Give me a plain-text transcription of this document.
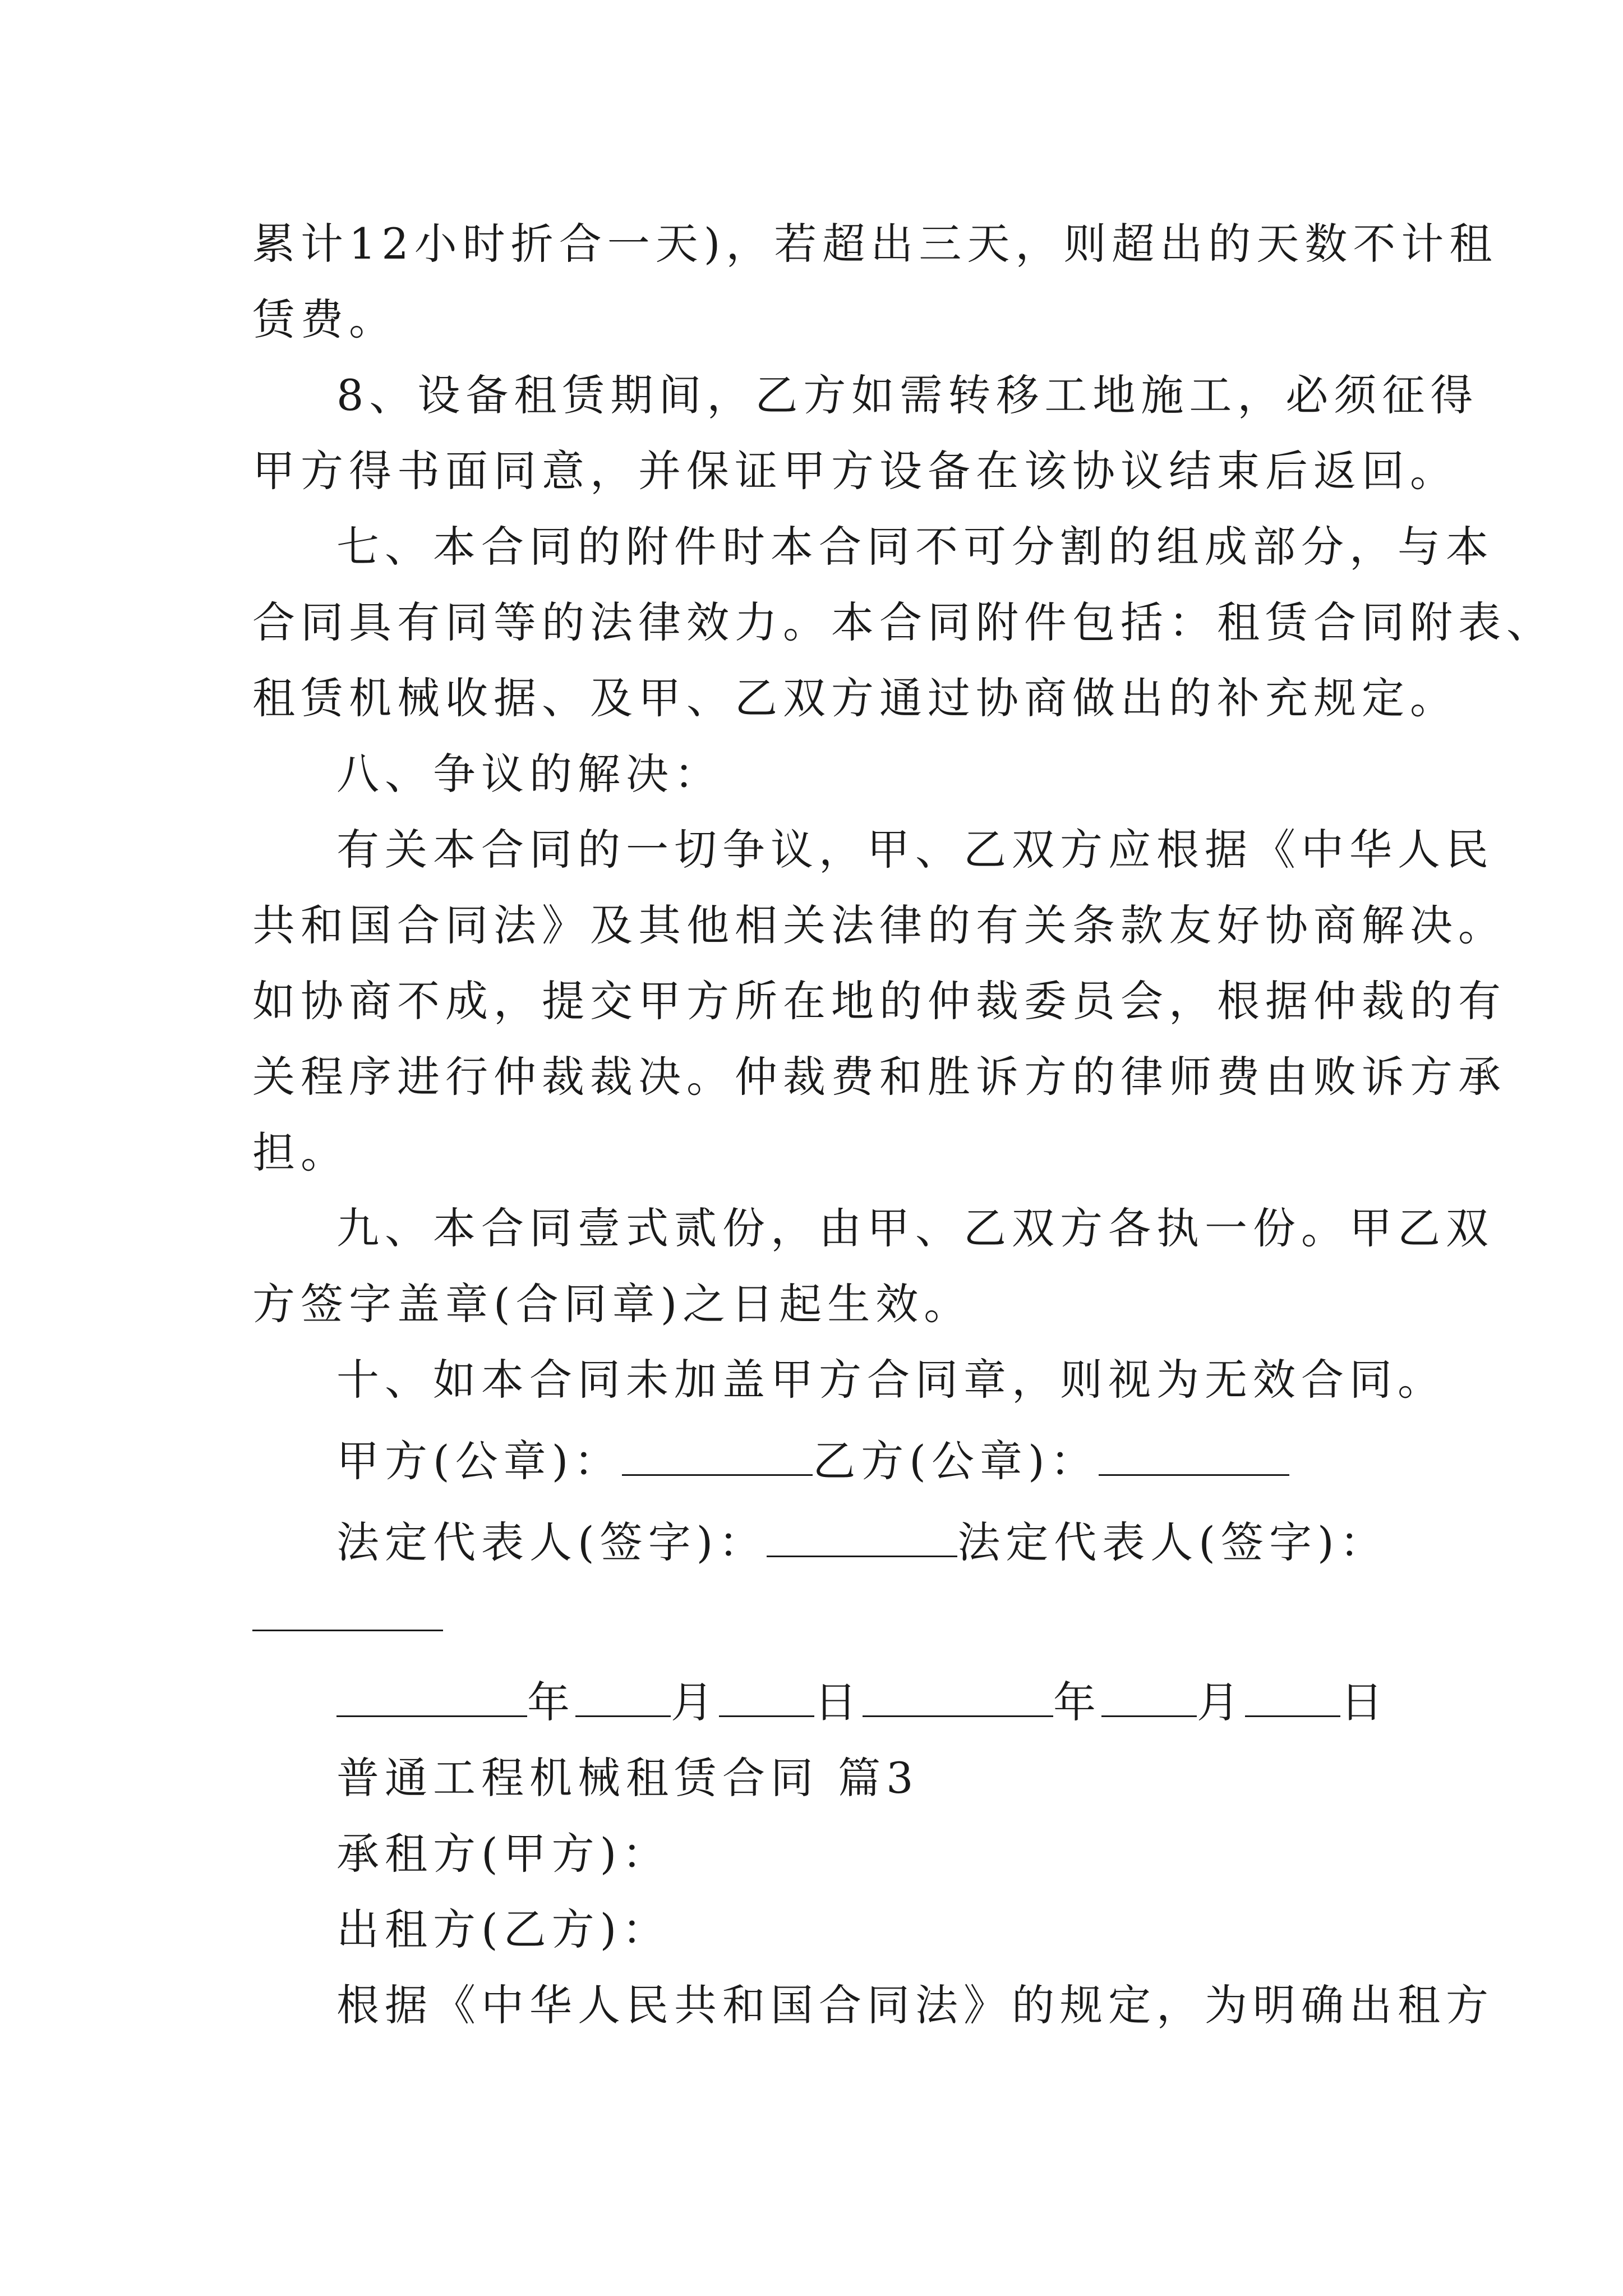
累计12小时折合一天)，若超出三天，则超出的天数不计租
赁费。
8、设备租赁期间，乙方如需转移工地施工，必须征得
甲方得书面同意，并保证甲方设备在该协议结束后返回。
七、本合同的附件时本合同不可分割的组成部分，与本
合同具有同等的法律效力。本合同附件包括：租赁合同附表、
租赁机械收据、及甲、乙双方通过协商做出的补充规定。
八、争议的解决：
有关本合同的一切争议，甲、乙双方应根据《中华人民
共和国合同法》及其他相关法律的有关条款友好协商解决。
如协商不成，提交甲方所在地的仲裁委员会，根据仲裁的有
关程序进行仲裁裁决。仲裁费和胜诉方的律师费由败诉方承
担。
九、本合同壹式贰份，由甲、乙双方各执一份。甲乙双
方签字盖章(合同章)之日起生效。
十、如本合同未加盖甲方合同章，则视为无效合同。
甲方(公章)：	乙方(公章)：
法定代表人(签字)：	法定代表人(签字)：
年 月 日	年 月 日
普通工程机械租赁合同 篇3
承租方(甲方)：
出租方(乙方)：
根据《中华人民共和国合同法》的规定，为明确出租方
